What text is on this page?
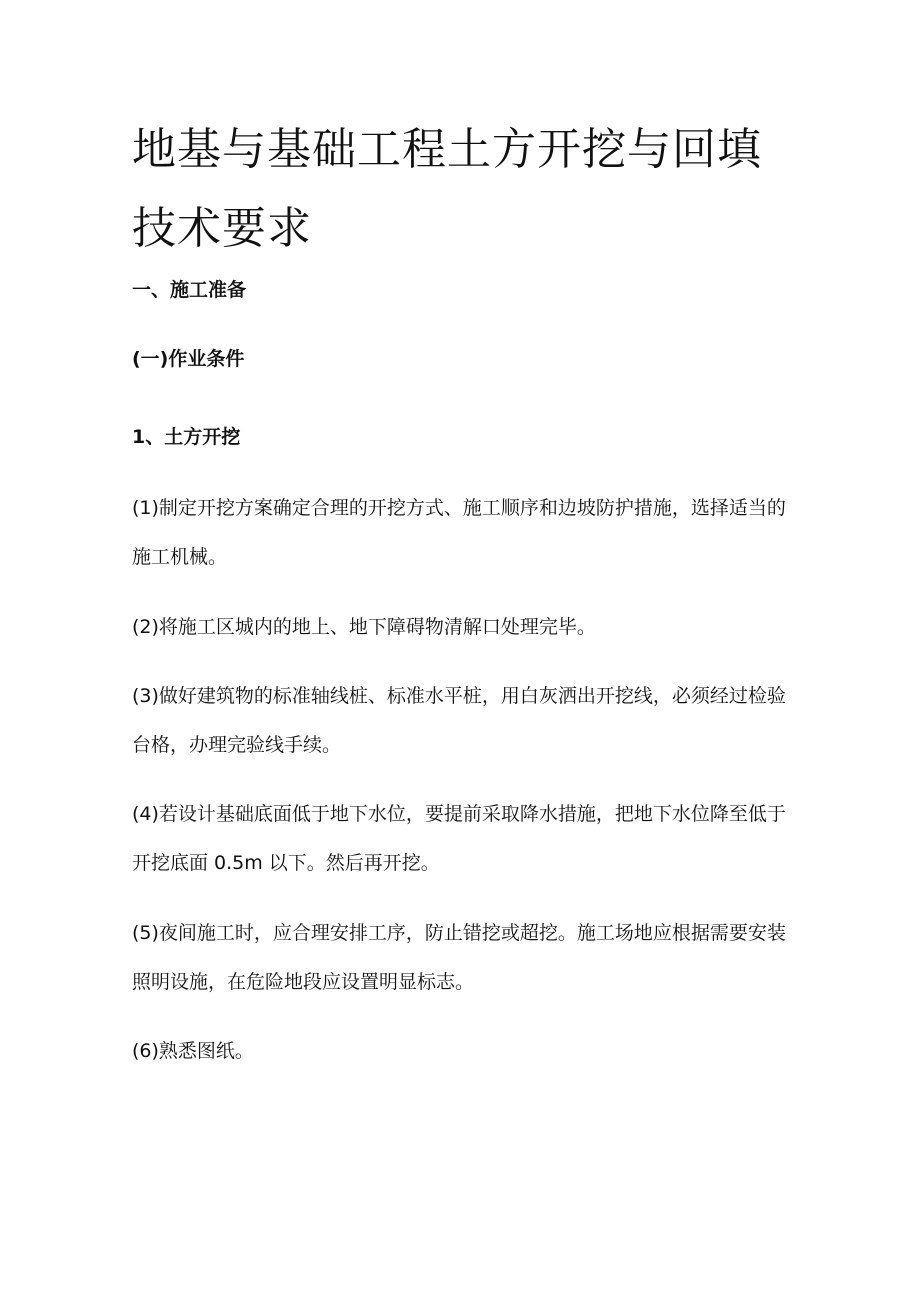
地基与基础工程土方开挖与回填
技术要求
一、施工准备
(一)作业条件
1、土方开挖

(1)制定开挖方案确定合理的开挖方式、施工顺序和边坡防护措施，选择适当的施工机械。

(2)将施工区城内的地上、地下障碍物清解口处理完毕。

(3)做好建筑物的标准轴线桩、标准水平桩，用白灰洒出开挖线，必须经过检验台格，办理完验线手续。

(4)若设计基础底面低于地下水位，要提前采取降水措施，把地下水位降至低于开挖底面 0.5m 以下。然后再开挖。

(5)夜间施工时，应合理安排工序，防止错挖或超挖。施工场地应根据需要安装照明设施，在危险地段应设置明显标志。

(6)熟悉图纸。
